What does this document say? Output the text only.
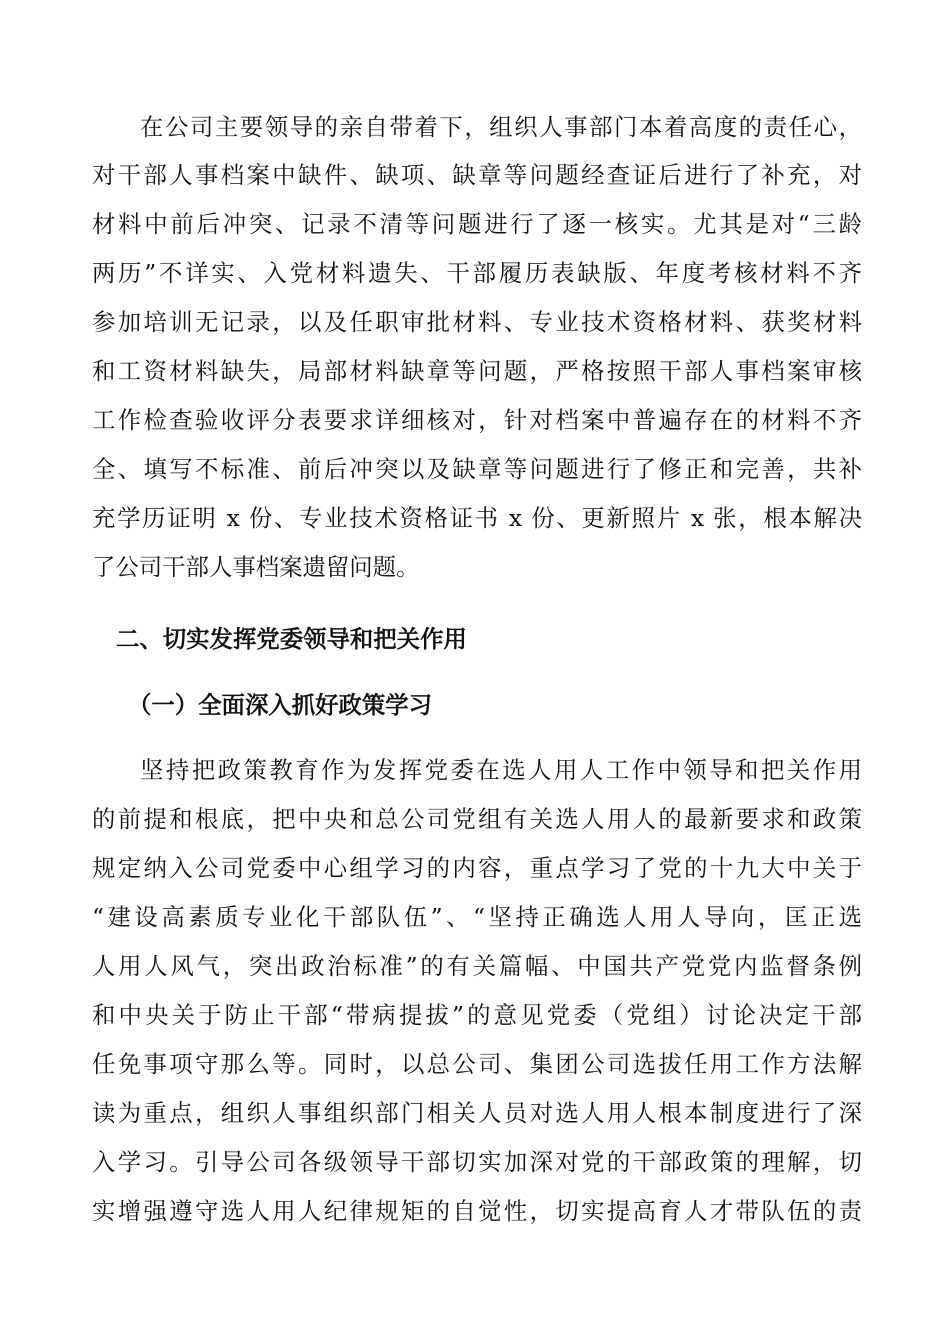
在公司主要领导的亲自带着下，组织人事部门本着高度的责任心，
对干部人事档案中缺件、缺项、缺章等问题经查证后进行了补充，对
材料中前后冲突、记录不清等问题进行了逐一核实。尤其是对“三龄
两历”不详实、入党材料遗失、干部履历表缺版、年度考核材料不齐
参加培训无记录，以及任职审批材料、专业技术资格材料、获奖材料
和工资材料缺失，局部材料缺章等问题，严格按照干部人事档案审核
工作检查验收评分表要求详细核对，针对档案中普遍存在的材料不齐
全、填写不标准、前后冲突以及缺章等问题进行了修正和完善，共补
充学历证明 x 份、专业技术资格证书 x 份、更新照片 x 张，根本解决
了公司干部人事档案遗留问题。
二、切实发挥党委领导和把关作用
（一）全面深入抓好政策学习
坚持把政策教育作为发挥党委在选人用人工作中领导和把关作用
的前提和根底，把中央和总公司党组有关选人用人的最新要求和政策
规定纳入公司党委中心组学习的内容，重点学习了党的十九大中关于
“建设高素质专业化干部队伍”、“坚持正确选人用人导向，匡正选
人用人风气，突出政治标准”的有关篇幅、中国共产党党内监督条例
和中央关于防止干部“带病提拔”的意见党委（党组）讨论决定干部
任免事项守那么等。同时，以总公司、集团公司选拔任用工作方法解
读为重点，组织人事组织部门相关人员对选人用人根本制度进行了深
入学习。引导公司各级领导干部切实加深对党的干部政策的理解，切
实增强遵守选人用人纪律规矩的自觉性，切实提高育人才带队伍的责
